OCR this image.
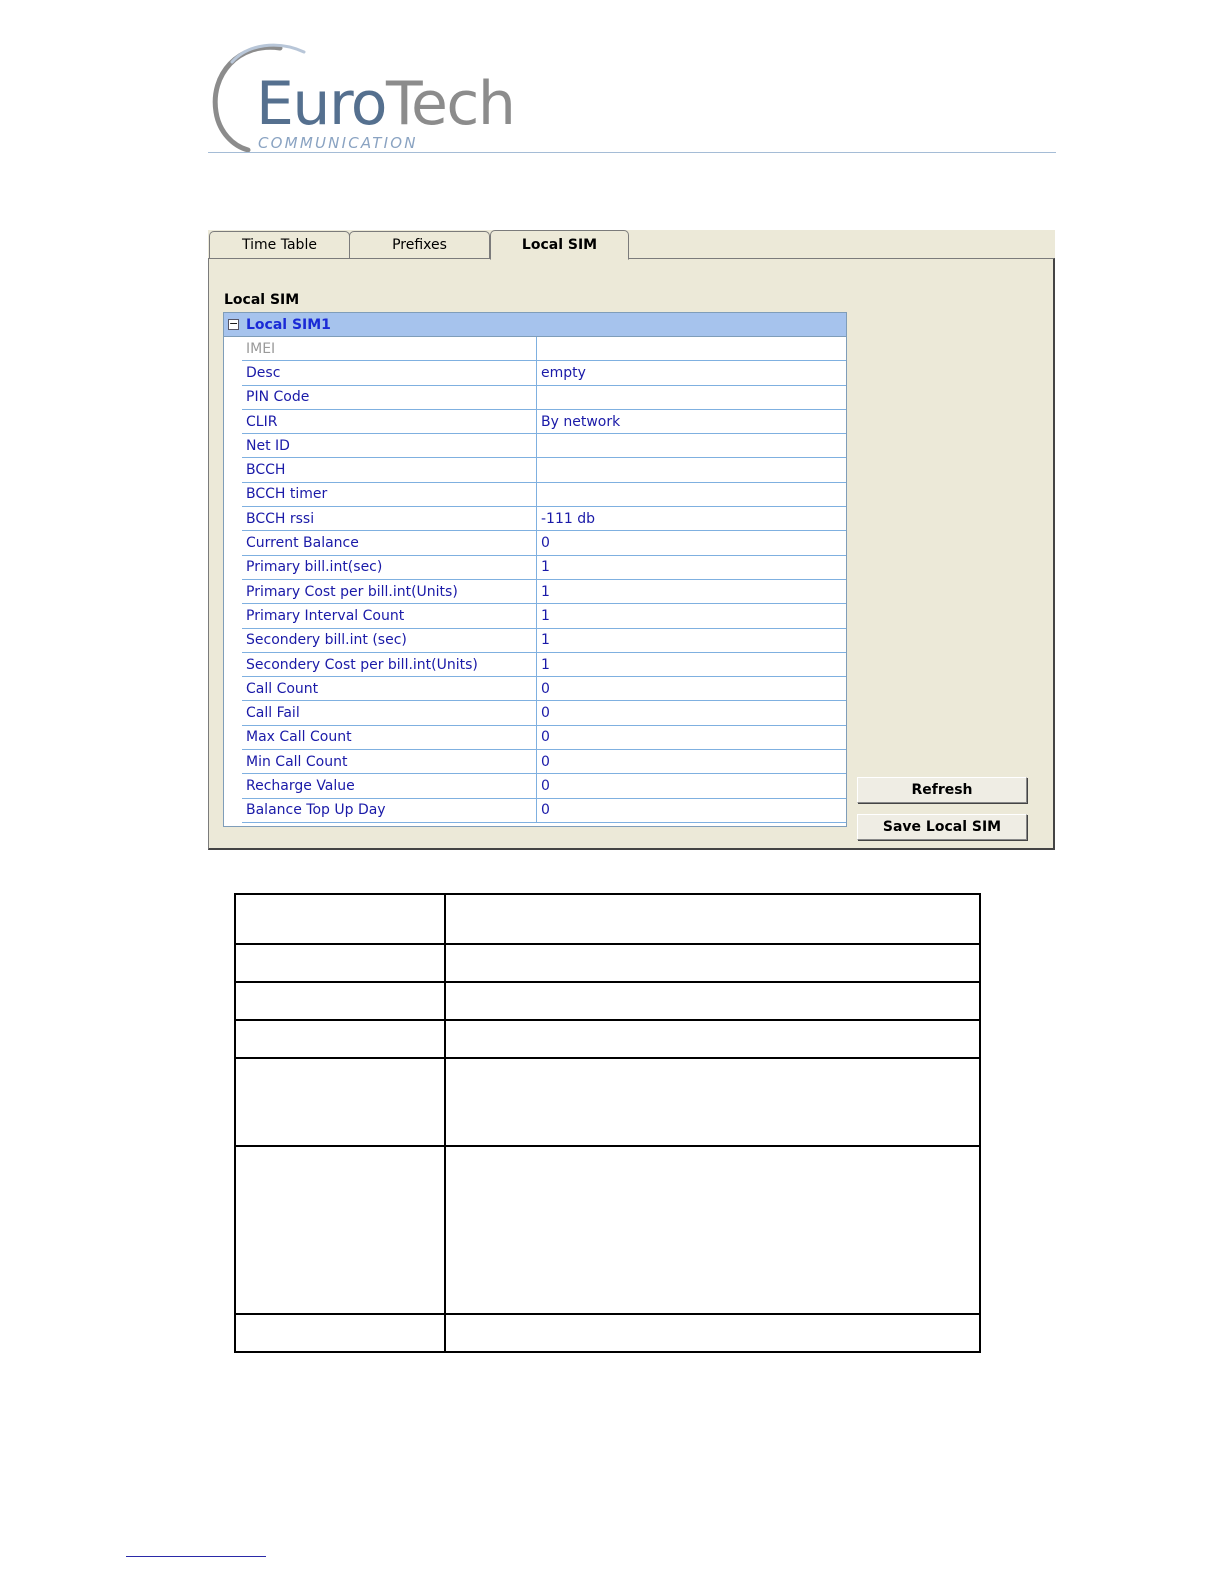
EuroTech
COMMUNICATION
Time Table	Prefixes	Local SIM
Local SIM
− Local SIM1
IMEI
Desc	empty
PIN Code
CLIR	By network
Net ID
BCCH
BCCH timer
BCCH rssi	-111 db
Current Balance	0
Primary bill.int(sec)	1
Primary Cost per bill.int(Units)	1
Primary Interval Count	1
Secondery bill.int (sec)	1
Secondery Cost per bill.int(Units)	1
Call Count	0
Call Fail	0
Max Call Count	0
Min Call Count	0
Recharge Value	0
Balance Top Up Day	0
Refresh
Save Local SIM
